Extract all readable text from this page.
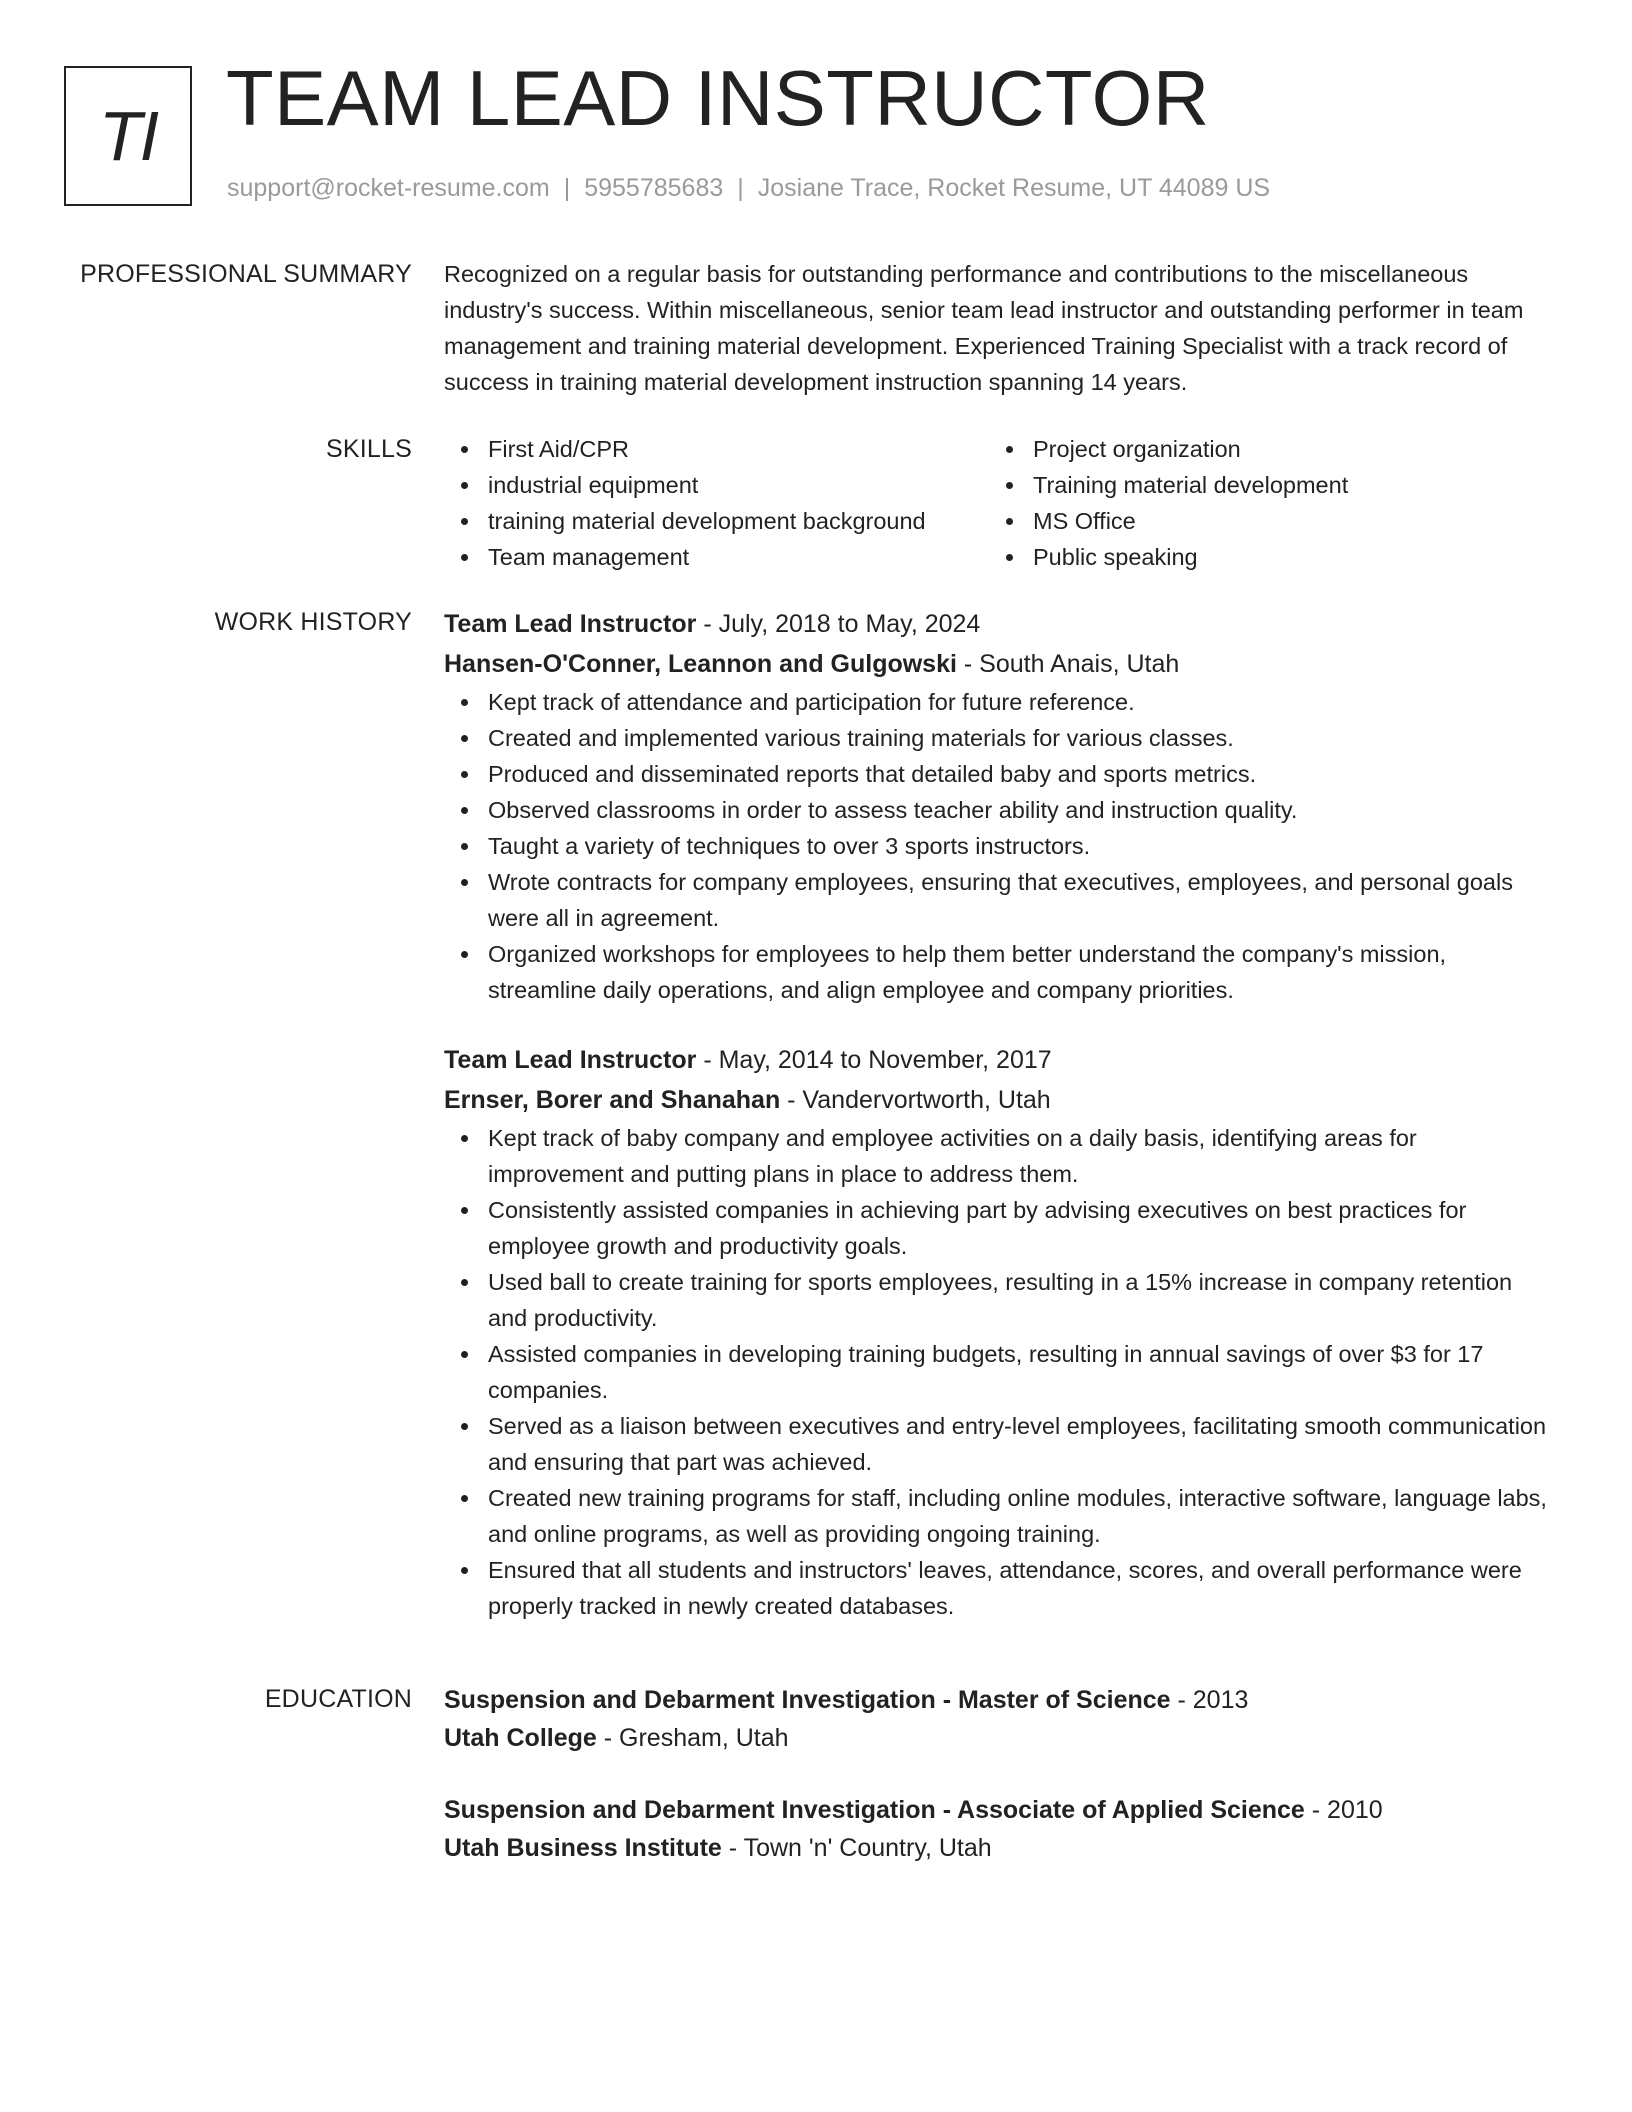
TI TEAM LEAD INSTRUCTOR
support@rocket-resume.com | 5955785683 | Josiane Trace, Rocket Resume, UT 44089 US
PROFESSIONAL SUMMARY Recognized on a regular basis for outstanding performance and contributions to the miscellaneous industry's success. Within miscellaneous, senior team lead instructor and outstanding performer in team management and training material development. Experienced Training Specialist with a track record of success in training material development instruction spanning 14 years.

SKILLS	First Aid/CPR
industrial equipment
training material development background
Team management
Project organization
Training material development
MS Office
Public speaking
WORK HISTORY Team Lead Instructor - July, 2018 to May, 2024
Hansen-O'Conner, Leannon and Gulgowski - South Anais, Utah
Kept track of attendance and participation for future reference.
Created and implemented various training materials for various classes.
Produced and disseminated reports that detailed baby and sports metrics.
Observed classrooms in order to assess teacher ability and instruction quality.
Taught a variety of techniques to over 3 sports instructors.
Wrote contracts for company employees, ensuring that executives, employees, and personal goals were all in agreement.
Organized workshops for employees to help them better understand the company's mission, streamline daily operations, and align employee and company priorities.
Team Lead Instructor - May, 2014 to November, 2017
Ernser, Borer and Shanahan - Vandervortworth, Utah
Kept track of baby company and employee activities on a daily basis, identifying areas for improvement and putting plans in place to address them.
Consistently assisted companies in achieving part by advising executives on best practices for employee growth and productivity goals.
Used ball to create training for sports employees, resulting in a 15% increase in company retention and productivity.
Assisted companies in developing training budgets, resulting in annual savings of over $3 for 17 companies.
Served as a liaison between executives and entry-level employees, facilitating smooth communication and ensuring that part was achieved.
Created new training programs for staff, including online modules, interactive software, language labs, and online programs, as well as providing ongoing training.
Ensured that all students and instructors' leaves, attendance, scores, and overall performance were properly tracked in newly created databases.
EDUCATION Suspension and Debarment Investigation - Master of Science - 2013
Utah College - Gresham, Utah
Suspension and Debarment Investigation - Associate of Applied Science - 2010
Utah Business Institute - Town 'n' Country, Utah
